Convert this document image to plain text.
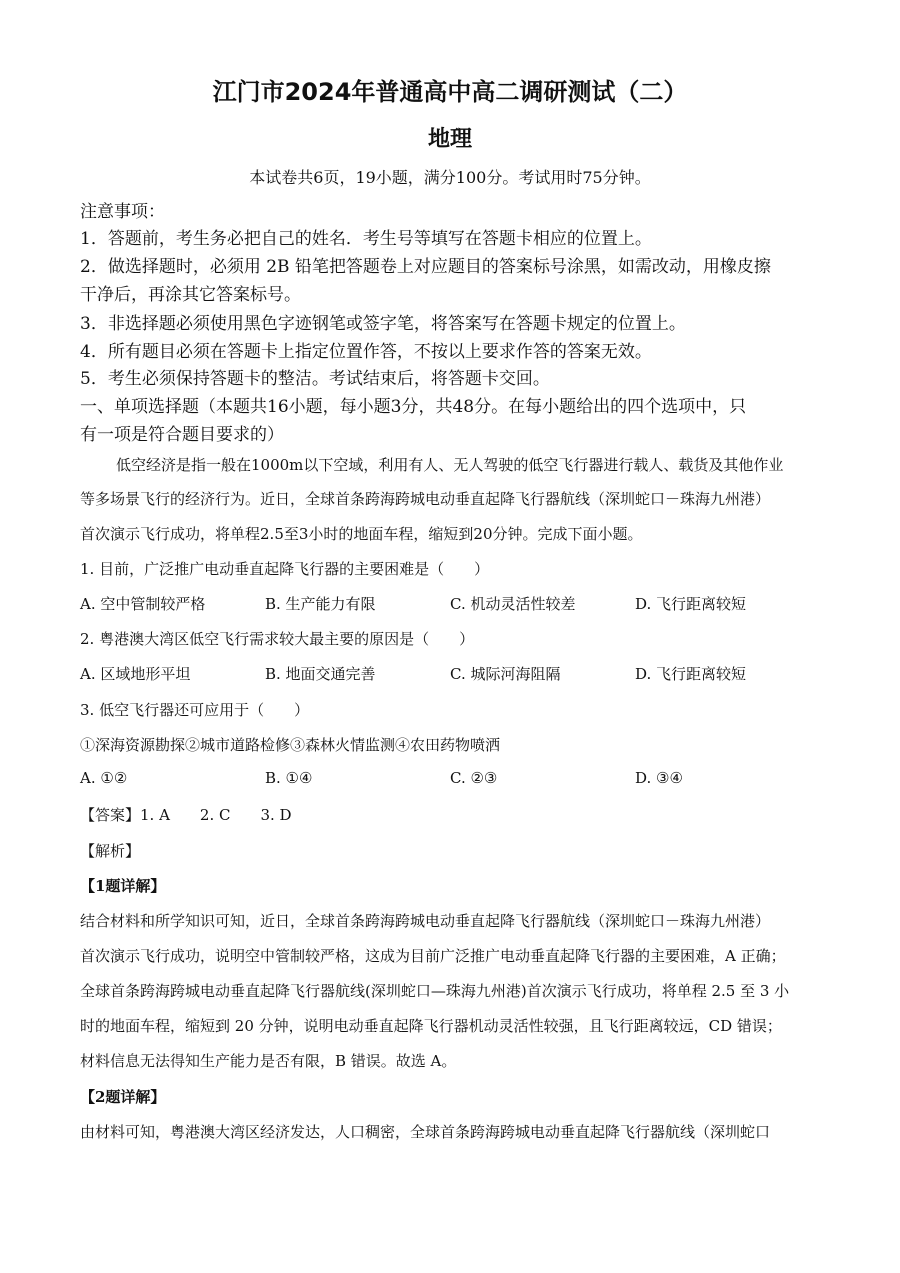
江门市2024年普通高中高二调研测试（二）
地理
本试卷共6页，19小题，满分100分。考试用时75分钟。
注意事项：
1．答题前，考生务必把自己的姓名．考生号等填写在答题卡相应的位置上。
2．做选择题时，必须用 2B 铅笔把答题卷上对应题目的答案标号涂黑，如需改动，用橡皮擦
干净后，再涂其它答案标号。
3．非选择题必须使用黑色字迹钢笔或签字笔，将答案写在答题卡规定的位置上。
4．所有题目必须在答题卡上指定位置作答，不按以上要求作答的答案无效。
5．考生必须保持答题卡的整洁。考试结束后，将答题卡交回。
一、单项选择题（本题共16小题，每小题3分，共48分。在每小题给出的四个选项中，只
有一项是符合题目要求的）
低空经济是指一般在1000m以下空域，利用有人、无人驾驶的低空飞行器进行载人、载货及其他作业
等多场景飞行的经济行为。近日，全球首条跨海跨城电动垂直起降飞行器航线（深圳蛇口－珠海九州港）
首次演示飞行成功，将单程2.5至3小时的地面车程，缩短到20分钟。完成下面小题。
1. 目前，广泛推广电动垂直起降飞行器的主要困难是（　　）
A. 空中管制较严格	B. 生产能力有限	C. 机动灵活性较差	D. 飞行距离较短
2. 粤港澳大湾区低空飞行需求较大最主要的原因是（　　）
A. 区域地形平坦	B. 地面交通完善	C. 城际河海阻隔	D. 飞行距离较短
3. 低空飞行器还可应用于（　　）
①深海资源勘探②城市道路检修③森林火情监测④农田药物喷洒
A. ①②	B. ①④	C. ②③	D. ③④
【答案】1. A　　2. C　　3. D
【解析】
【1题详解】
结合材料和所学知识可知，近日，全球首条跨海跨城电动垂直起降飞行器航线（深圳蛇口－珠海九州港）
首次演示飞行成功，说明空中管制较严格，这成为目前广泛推广电动垂直起降飞行器的主要困难，A 正确；
全球首条跨海跨城电动垂直起降飞行器航线(深圳蛇口—珠海九州港)首次演示飞行成功，将单程 2.5 至 3 小
时的地面车程，缩短到 20 分钟，说明电动垂直起降飞行器机动灵活性较强，且飞行距离较远，CD 错误；
材料信息无法得知生产能力是否有限，B 错误。故选 A。
【2题详解】
由材料可知，粤港澳大湾区经济发达，人口稠密，全球首条跨海跨城电动垂直起降飞行器航线（深圳蛇口
